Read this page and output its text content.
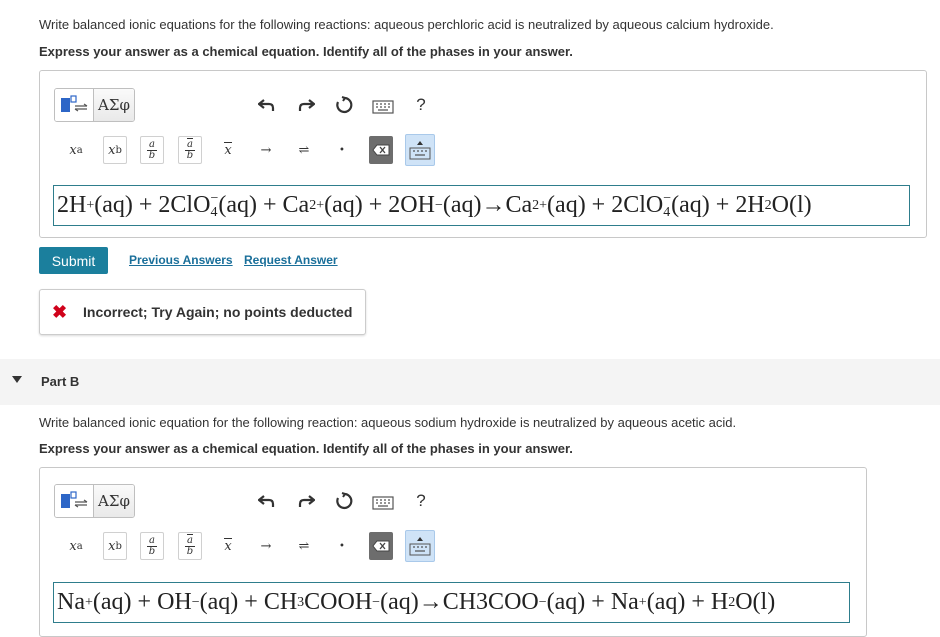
Write balanced ionic equations for the following reactions: aqueous perchloric acid is neutralized by aqueous calcium hydroxide.
Express your answer as a chemical equation. Identify all of the phases in your answer.
ΑΣφ	?
x a x b
a
b
$\overline{a}$
b x → ⇌	•
2H + (aq) + 2ClO −
4 (aq) + Ca 2+ (aq) + 2OH − (aq)→Ca 2+ (aq) + 2ClO −
4 (aq) + 2H 2 O(l)
Submit	Previous Answers Request Answer
✖	Incorrect; Try Again; no points deducted
Part B
Write balanced ionic equation for the following reaction: aqueous sodium hydroxide is neutralized by aqueous acetic acid.
Express your answer as a chemical equation. Identify all of the phases in your answer.
ΑΣφ	?
x a x b
a
b
$\overline{a}$
b x → ⇌	•
Na + (aq) + OH − (aq) + CH 3 COOH − (aq)→CH3COO − (aq) + Na + (aq) + H 2 O(l)
